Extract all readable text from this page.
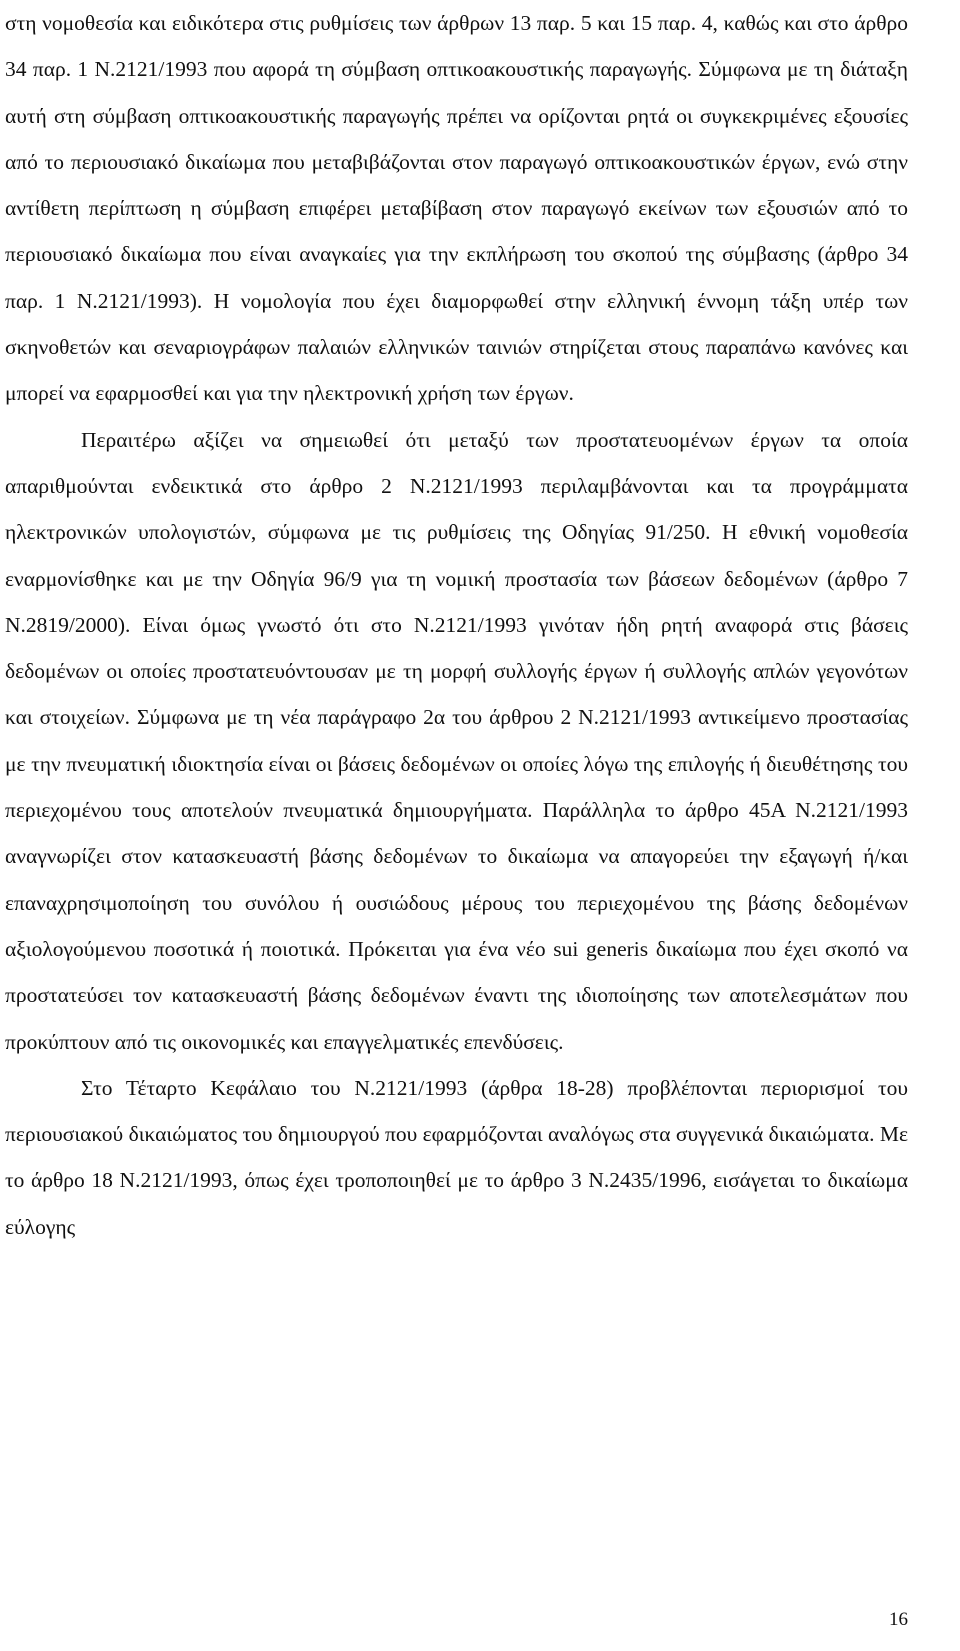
στη νομοθεσία και ειδικότερα στις ρυθμίσεις των άρθρων 13 παρ. 5 και 15 παρ. 4, καθώς και στο άρθρο 34 παρ. 1 Ν.2121/1993 που αφορά τη σύμβαση οπτικοακουστικής παραγωγής. Σύμφωνα με τη διάταξη αυτή στη σύμβαση οπτικοακουστικής παραγωγής πρέπει να ορίζονται ρητά οι συγκεκριμένες εξουσίες από το περιουσιακό δικαίωμα που μεταβιβάζονται στον παραγωγό οπτικοακουστικών έργων, ενώ στην αντίθετη περίπτωση η σύμβαση επιφέρει μεταβίβαση στον παραγωγό εκείνων των εξουσιών από το περιουσιακό δικαίωμα που είναι αναγκαίες για την εκπλήρωση του σκοπού της σύμβασης (άρθρο 34 παρ. 1 Ν.2121/1993). Η νομολογία που έχει διαμορφωθεί στην ελληνική έννομη τάξη υπέρ των σκηνοθετών και σεναριογράφων παλαιών ελληνικών ταινιών στηρίζεται στους παραπάνω κανόνες και μπορεί να εφαρμοσθεί και για την ηλεκτρονική χρήση των έργων.

Περαιτέρω αξίζει να σημειωθεί ότι μεταξύ των προστατευομένων έργων τα οποία απαριθμούνται ενδεικτικά στο άρθρο 2 Ν.2121/1993 περιλαμβάνονται και τα προγράμματα ηλεκτρονικών υπολογιστών, σύμφωνα με τις ρυθμίσεις της Οδηγίας 91/250. Η εθνική νομοθεσία εναρμονίσθηκε και με την Οδηγία 96/9 για τη νομική προστασία των βάσεων δεδομένων (άρθρο 7 Ν.2819/2000). Είναι όμως γνωστό ότι στο Ν.2121/1993 γινόταν ήδη ρητή αναφορά στις βάσεις δεδομένων οι οποίες προστατευόντουσαν με τη μορφή συλλογής έργων ή συλλογής απλών γεγονότων και στοιχείων. Σύμφωνα με τη νέα παράγραφο 2α του άρθρου 2 Ν.2121/1993 αντικείμενο προστασίας με την πνευματική ιδιοκτησία είναι οι βάσεις δεδομένων οι οποίες λόγω της επιλογής ή διευθέτησης του περιεχομένου τους αποτελούν πνευματικά δημιουργήματα. Παράλληλα το άρθρο 45Α Ν.2121/1993 αναγνωρίζει στον κατασκευαστή βάσης δεδομένων το δικαίωμα να απαγορεύει την εξαγωγή ή/και επαναχρησιμοποίηση του συνόλου ή ουσιώδους μέρους του περιεχομένου της βάσης δεδομένων αξιολογούμενου ποσοτικά ή ποιοτικά. Πρόκειται για ένα νέο sui generis δικαίωμα που έχει σκοπό να προστατεύσει τον κατασκευαστή βάσης δεδομένων έναντι της ιδιοποίησης των αποτελεσμάτων που προκύπτουν από τις οικονομικές και επαγγελματικές επενδύσεις.

Στο Τέταρτο Κεφάλαιο του Ν.2121/1993 (άρθρα 18-28) προβλέπονται περιορισμοί του περιουσιακού δικαιώματος του δημιουργού που εφαρμόζονται αναλόγως στα συγγενικά δικαιώματα. Με το άρθρο 18 Ν.2121/1993, όπως έχει τροποποιηθεί με το άρθρο 3 Ν.2435/1996, εισάγεται το δικαίωμα εύλογης

16
